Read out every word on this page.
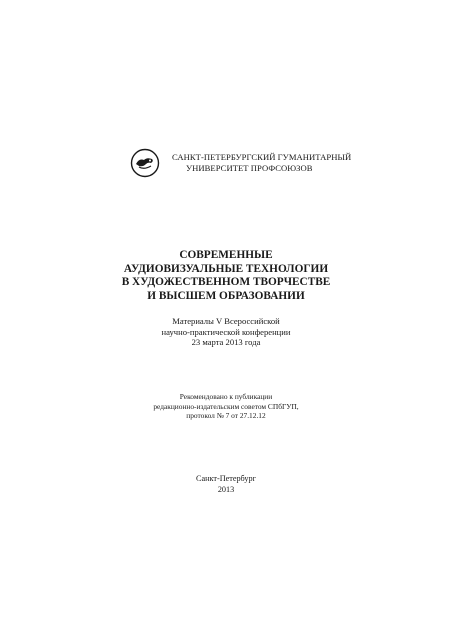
САНКТ-ПЕТЕРБУРГСКИЙ ГУМАНИТАРНЫЙ
УНИВЕРСИТЕТ ПРОФСОЮЗОВ
СОВРЕМЕННЫЕ
АУДИОВИЗУАЛЬНЫЕ ТЕХНОЛОГИИ
В ХУДОЖЕСТВЕННОМ ТВОРЧЕСТВЕ
И ВЫСШЕМ ОБРАЗОВАНИИ
Материалы V Всероссийской
научно-практической конференции
23 марта 2013 года
Рекомендовано к публикации
редакционно-издательским советом СПбГУП,
протокол № 7 от 27.12.12
Санкт-Петербург
2013
